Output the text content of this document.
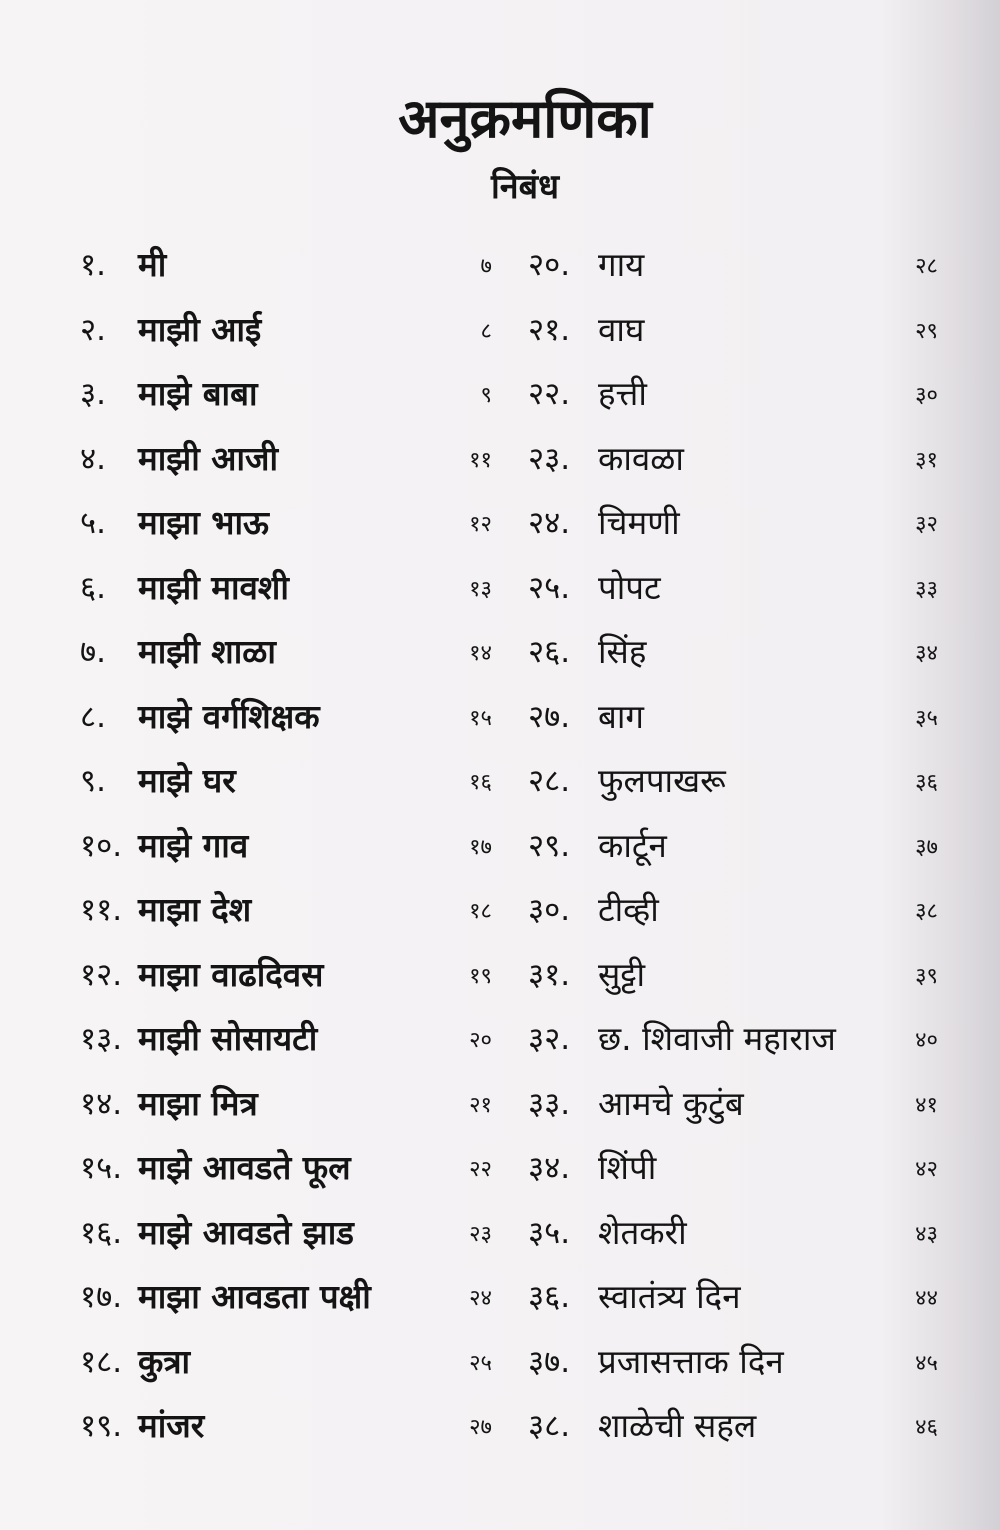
अनुक्रमणिका
निबंध
१. मी	७
२. माझी आई	८
३. माझे बाबा	९
४. माझी आजी	११
५. माझा भाऊ	१२
६. माझी मावशी	१३
७. माझी शाळा	१४
८. माझे वर्गशिक्षक	१५
९. माझे घर	१६
१०. माझे गाव	१७
११. माझा देश	१८
१२. माझा वाढदिवस	१९
१३. माझी सोसायटी	२०
१४. माझा मित्र	२१
१५. माझे आवडते फूल	२२
१६. माझे आवडते झाड	२३
१७. माझा आवडता पक्षी	२४
१८. कुत्रा	२५
१९. मांजर	२७
२०. गाय	२८
२१. वाघ	२९
२२. हत्ती	३०
२३. कावळा	३१
२४. चिमणी	३२
२५. पोपट	३३
२६. सिंह	३४
२७. बाग	३५
२८. फुलपाखरू	३६
२९. कार्टून	३७
३०. टीव्ही	३८
३१. सुट्टी	३९
३२. छ. शिवाजी महाराज	४०
३३. आमचे कुटुंब	४१
३४. शिंपी	४२
३५. शेतकरी	४३
३६. स्वातंत्र्य दिन	४४
३७. प्रजासत्ताक दिन	४५
३८. शाळेची सहल	४६
